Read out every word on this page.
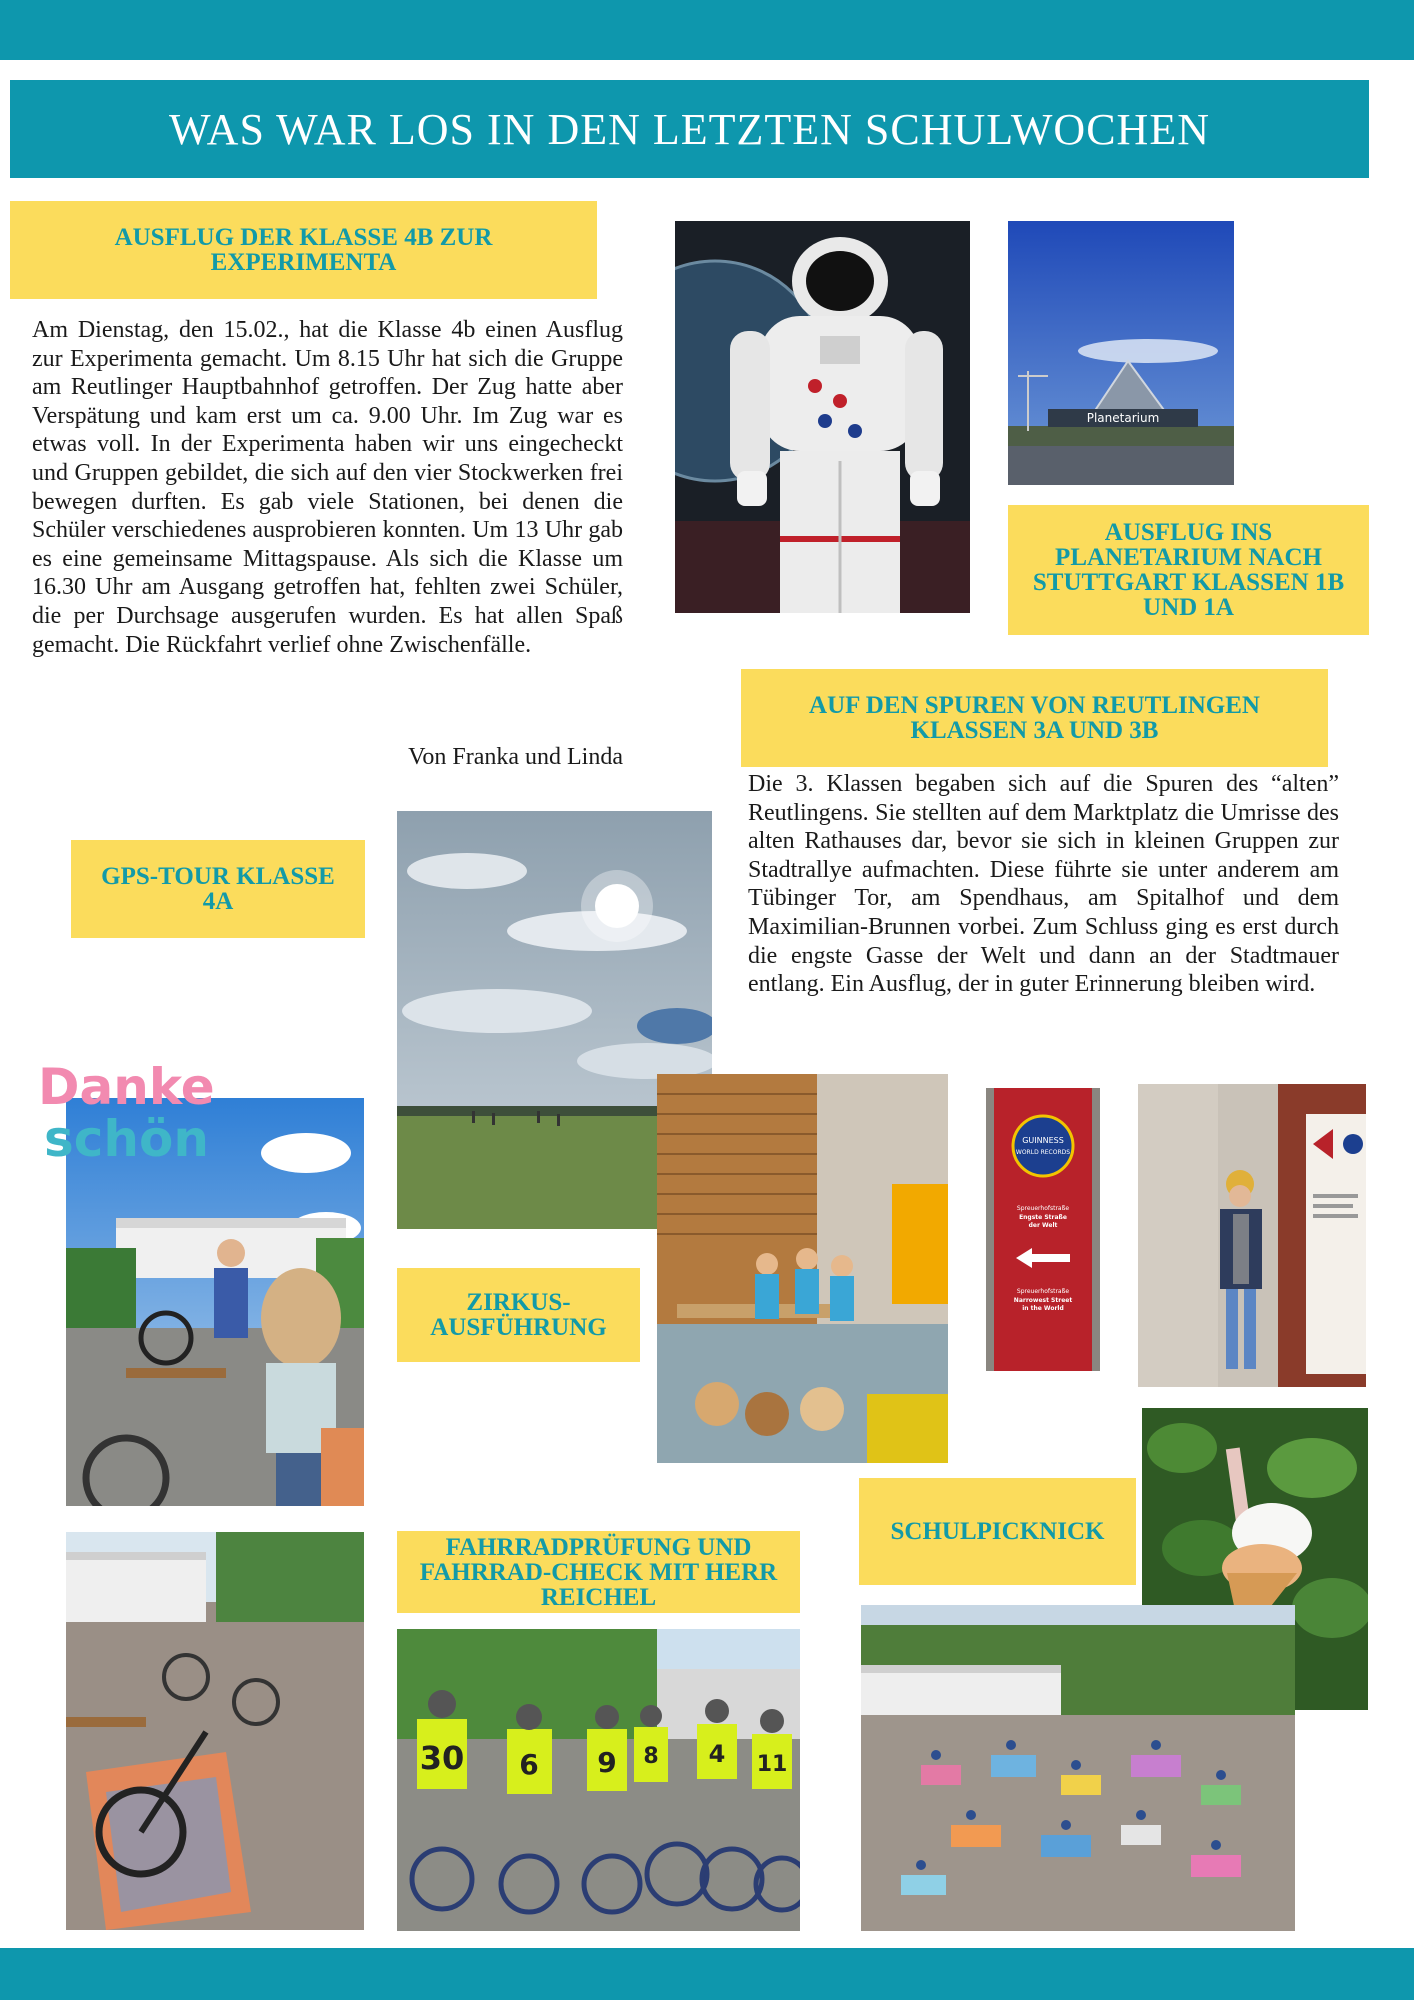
WAS WAR LOS IN DEN LETZTEN SCHULWOCHEN
AUSFLUG DER KLASSE 4B ZUR EXPERIMENTA
Am Dienstag, den 15.02., hat die Klasse 4b einen Ausflug zur Experimenta gemacht. Um 8.15 Uhr hat sich die Gruppe am Reutlinger Hauptbahnhof getroffen. Der Zug hatte aber Verspätung und kam erst um ca. 9.00 Uhr. Im Zug war es etwas voll. In der Experimenta haben wir uns eingecheckt und Gruppen gebildet, die sich auf den vier Stockwerken frei bewegen durften. Es gab viele Stationen, bei denen die Schüler verschiedenes ausprobieren konnten. Um 13 Uhr gab es eine gemeinsame Mittagspause. Als sich die Klasse um 16.30 Uhr am Ausgang getroffen hat, fehlten zwei Schüler, die per Durchsage ausgerufen wurden. Es hat allen Spaß gemacht. Die Rückfahrt verlief ohne Zwischenfälle.
Von Franka und Linda
Planetarium
AUSFLUG INS PLANETARIUM NACH STUTTGART KLASSEN 1B UND 1A
AUF DEN SPUREN VON REUTLINGEN KLASSEN 3A UND 3B
Die 3. Klassen begaben sich auf die Spuren des “alten” Reutlingens. Sie stellten auf dem Marktplatz die Umrisse des alten Rathauses dar, bevor sie sich in kleinen Gruppen zur Stadtrallye aufmachten. Diese führte sie unter anderem am Tübinger Tor, am Spendhaus, am Spitalhof und dem Maximilian-Brunnen vorbei. Zum Schluss ging es erst durch die engste Gasse der Welt und dann an der Stadtmauer entlang. Ein Ausflug, der in guter Erinnerung bleiben wird.
GPS-TOUR KLASSE 4A
Danke
schön
ZIRKUS-AUSFÜHRUNG
GUINNESS
WORLD RECORDS
Spreuerhofstraße
Engste Straße
der Welt
Spreuerhofstraße
Narrowest Street
in the World
SCHULPICKNICK
FAHRRADPRÜFUNG UND FAHRRAD-CHECK MIT HERR REICHEL
30 6 9 8 4 11
